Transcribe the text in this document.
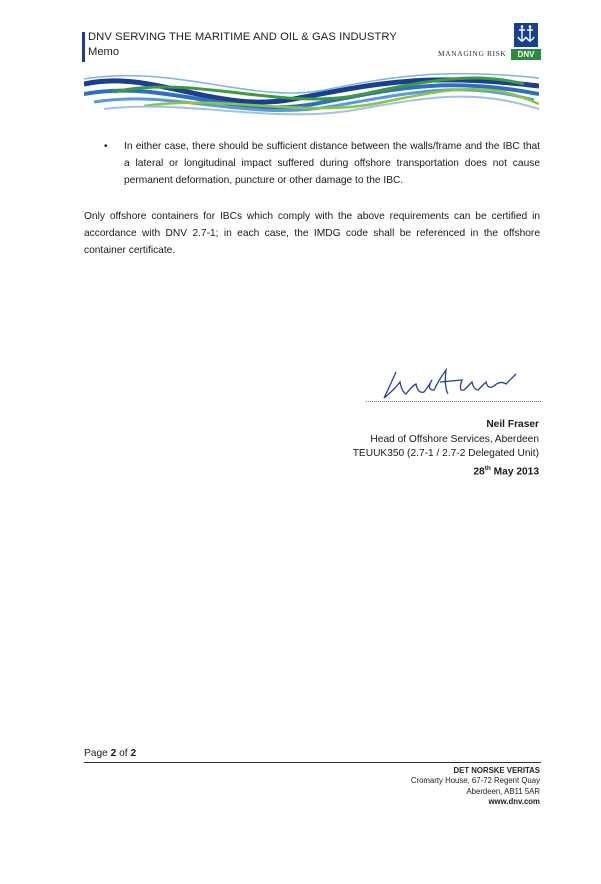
DNV SERVING THE MARITIME AND OIL & GAS INDUSTRY
Memo	DNV
MANAGING RISK
• In either case, there should be sufficient distance between the walls/frame and the IBC that a lateral or longitudinal impact suffered during offshore transportation does not cause permanent deformation, puncture or other damage to the IBC.
Only offshore containers for IBCs which comply with the above requirements can be certified in accordance with DNV 2.7-1; in each case, the IMDG code shall be referenced in the offshore container certificate.
Neil Fraser
Head of Offshore Services, Aberdeen
TEUUK350 (2.7-1 / 2.7-2 Delegated Unit)
28th May 2013
Page 2 of 2
DET NORSKE VERITAS
Cromarty House, 67-72 Regent Quay
Aberdeen, AB11 5AR
www.dnv.com
